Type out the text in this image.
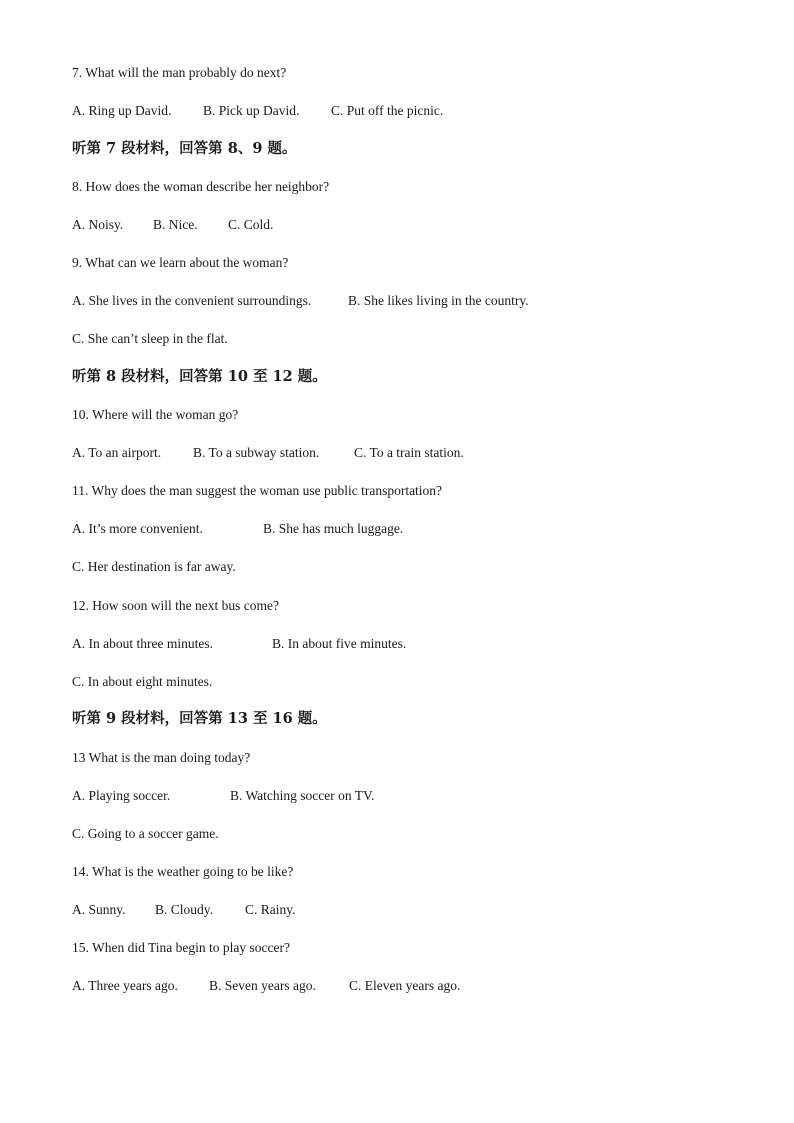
7. What will the man probably do next?
A. Ring up David. B. Pick up David. C. Put off the picnic.
听第 7 段材料，回答第 8、9 题。
8. How does the woman describe her neighbor?
A. Noisy. B. Nice. C. Cold.
9. What can we learn about the woman?
A. She lives in the convenient surroundings.	B. She likes living in the country.
C. She can’t sleep in the flat.
听第 8 段材料，回答第 10 至 12 题。
10. Where will the woman go?
A. To an airport. B. To a subway station.	C. To a train station.
11. Why does the man suggest the woman use public transportation?
A. It’s more convenient.	B. She has much luggage.
C. Her destination is far away.
12. How soon will the next bus come?
A. In about three minutes.	B. In about five minutes.
C. In about eight minutes.
听第 9 段材料，回答第 13 至 16 题。
13 What is the man doing today?
A. Playing soccer.	B. Watching soccer on TV.
C. Going to a soccer game.
14. What is the weather going to be like?
A. Sunny. B. Cloudy. C. Rainy.
15. When did Tina begin to play soccer?
A. Three years ago. B. Seven years ago. C. Eleven years ago.
